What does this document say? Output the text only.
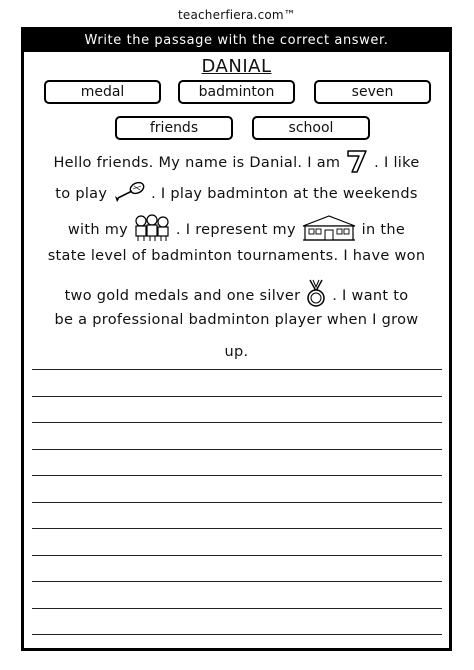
teacherfiera.com™
Write the passage with the correct answer.
DANIAL
medal	badminton	seven
friends	school
Hello friends. My name is Danial. I am . I like
to play	. I play badminton at the weekends
with my	. I represent my	in the
state level of badminton tournaments. I have won
two gold medals and one silver . I want to
be a professional badminton player when I grow
up.
